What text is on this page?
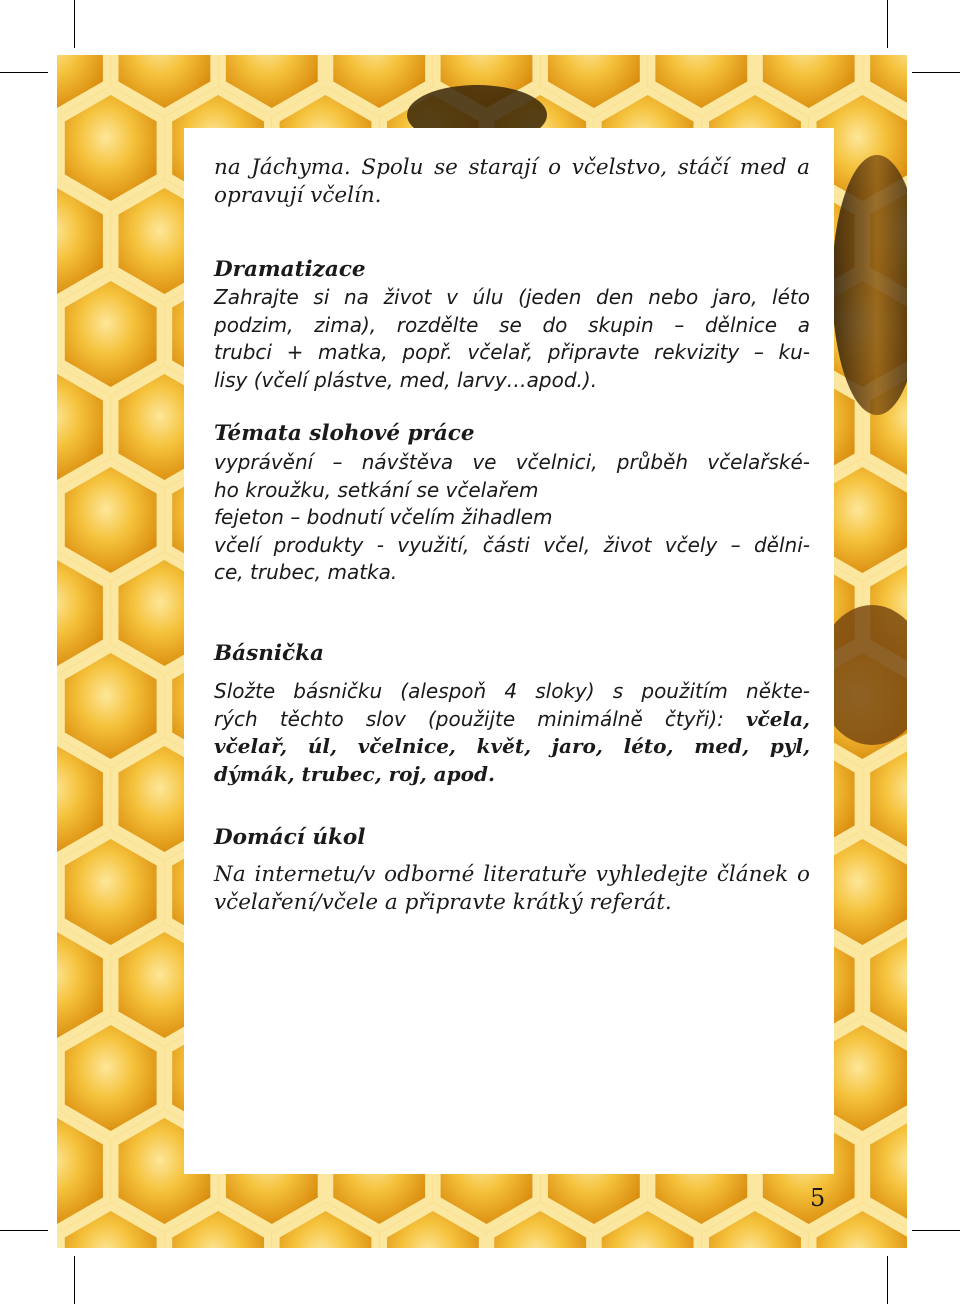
na Jáchyma. Spolu se starají o včelstvo, stáčí med a
opravují včelín.

Dramatizace

Zahrajte si na život v úlu (jeden den nebo jaro, léto
podzim, zima), rozdělte se do skupin – dělnice a
trubci + matka, popř. včelař, připravte rekvizity – ku-
lisy (včelí plástve, med, larvy…apod.).

Témata slohové práce

vyprávění – návštěva ve včelnici, průběh včelařské-
ho kroužku, setkání se včelařem
fejeton – bodnutí včelím žihadlem
včelí produkty - využití, části včel, život včely – dělni-
ce, trubec, matka.

Básnička

Složte básničku (alespoň 4 sloky) s použitím někte-
rých těchto slov (použijte minimálně čtyři): včela,
včelař, úl, včelnice, květ, jaro, léto, med, pyl,
dýmák, trubec, roj, apod.

Domácí úkol

Na internetu/v odborné literatuře vyhledejte článek o
včelaření/včele a připravte krátký referát.

5
